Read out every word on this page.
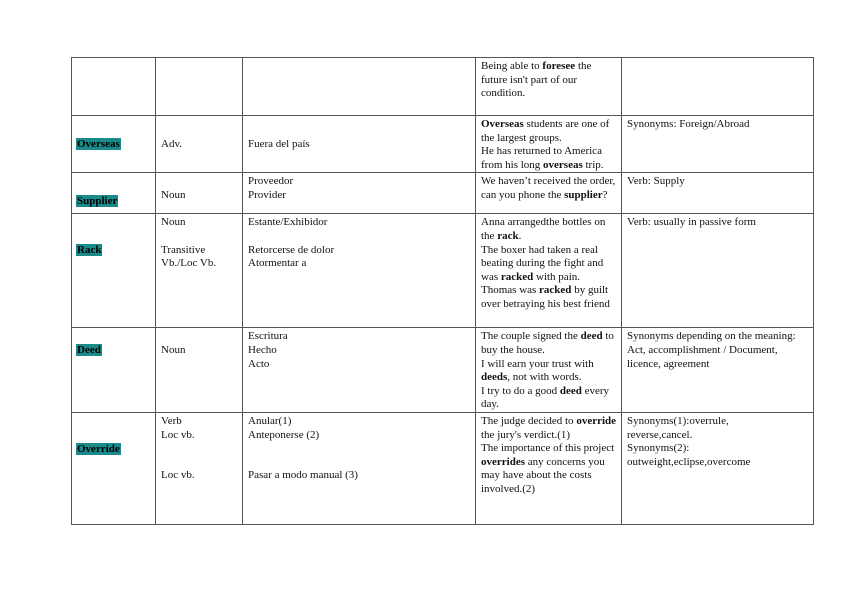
			Being able to foresee the future isn't part of our condition.	

Overseas	Adv.	Fuera del país	Overseas students are one of the largest groups.
He has returned to America from his long overseas trip.	Synonyms: Foreign/Abroad

Supplier	Noun	Proveedor
Provider	We haven’t received the order, can you phone the supplier?	Verb: Supply

Rack	Noun
Transitive
Vb./Loc Vb.	Estante/Exhibidor
Retorcerse de dolor
Atormentar a	Anna arrangedthe bottles on the rack.
The boxer had taken a real beating during the fight and was racked with pain.
Thomas was racked by guilt over betraying his best friend	Verb: usually in passive form

Deed	Noun	Escritura
Hecho
Acto	The couple signed the deed to buy the house.
I will earn your trust with deeds, not with words.
I try to do a good deed every day.	Synonyms depending on the meaning: Act, accomplishment / Document, licence, agreement

Override	Verb
Loc vb.
Loc vb.	Anular(1)
Anteponerse (2)
Pasar a modo manual (3)	The judge decided to override the jury's verdict.(1)
The importance of this project overrides any concerns you may have about the costs involved.(2)	Synonyms(1):overrule,
reverse,cancel.
Synonyms(2):
outweight,eclipse,overcome
